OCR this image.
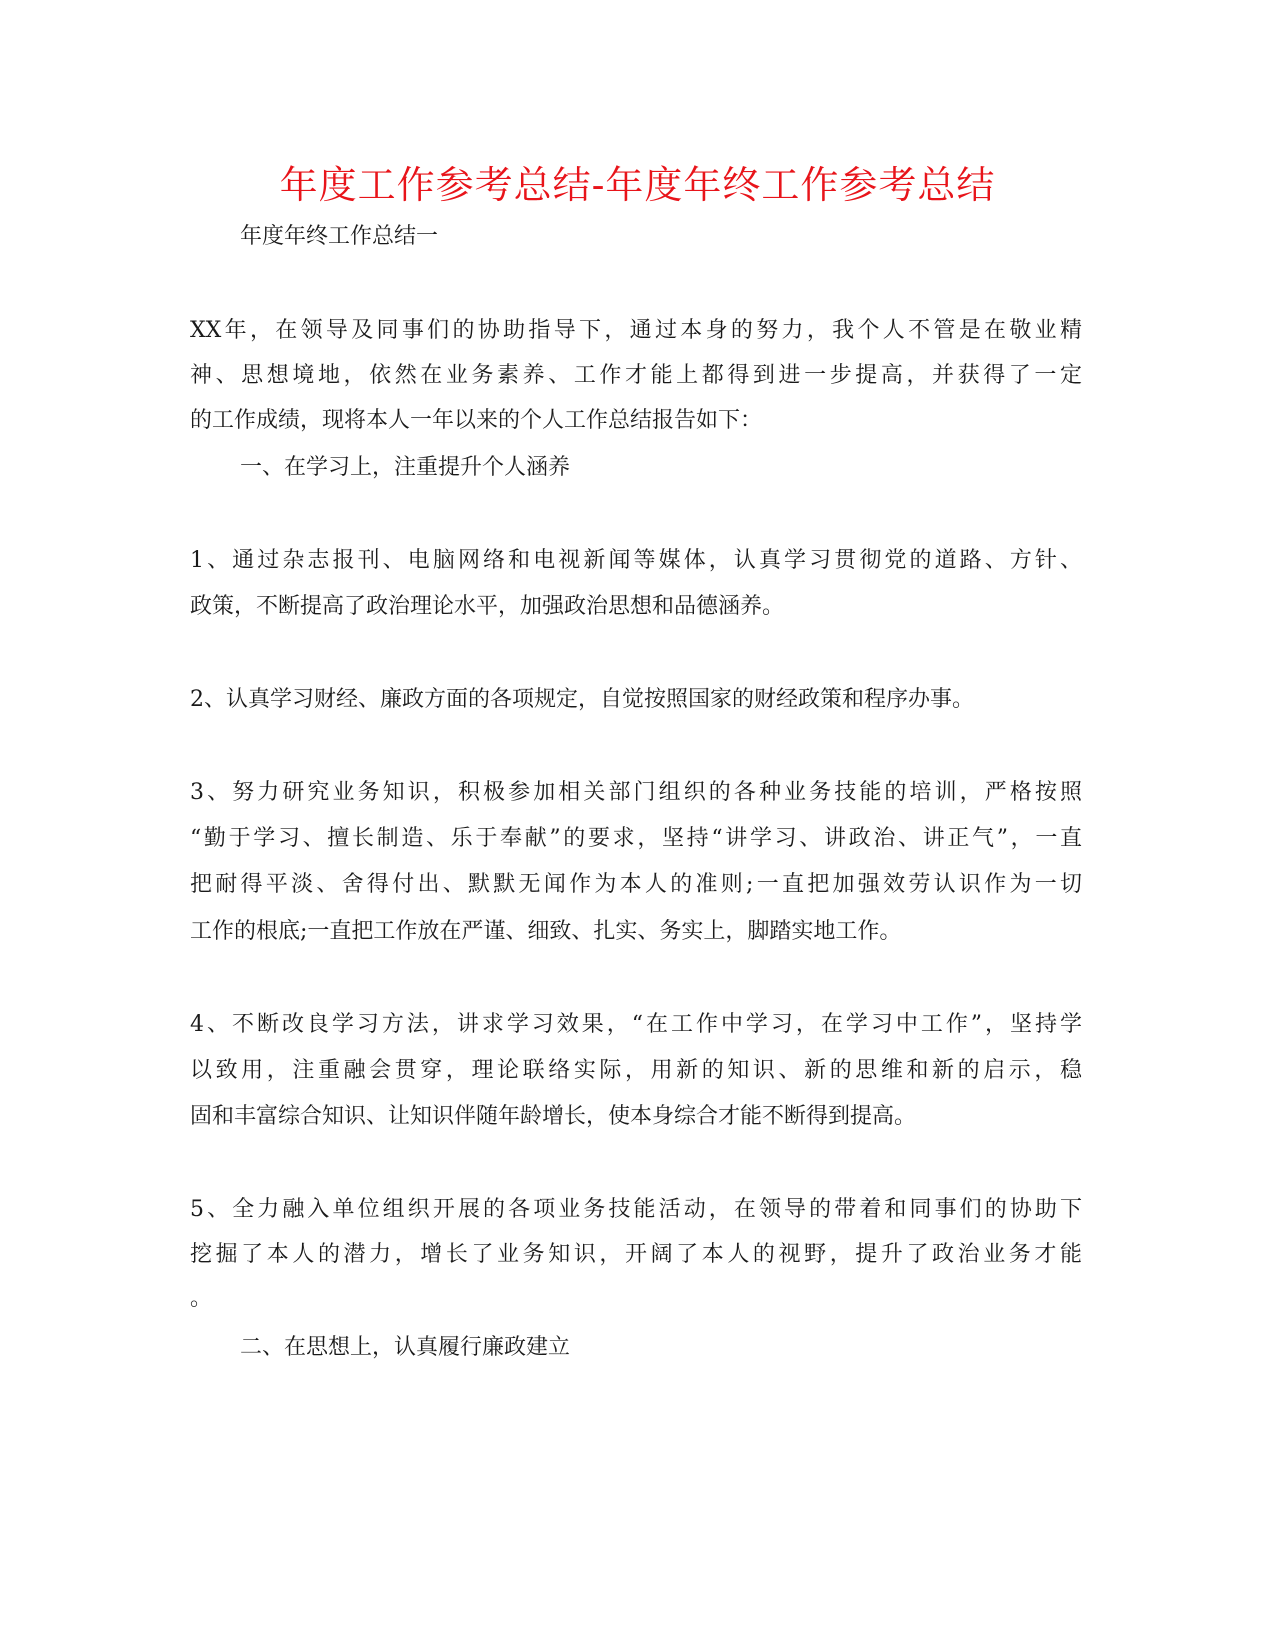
年度工作参考总结-年度年终工作参考总结
年度年终工作总结一
XX年，在领导及同事们的协助指导下，通过本身的努力，我个人不管是在敬业精
神、思想境地，依然在业务素养、工作才能上都得到进一步提高，并获得了一定
的工作成绩，现将本人一年以来的个人工作总结报告如下：
一、在学习上，注重提升个人涵养
1、通过杂志报刊、电脑网络和电视新闻等媒体，认真学习贯彻党的道路、方针、
政策，不断提高了政治理论水平，加强政治思想和品德涵养。
2、认真学习财经、廉政方面的各项规定，自觉按照国家的财经政策和程序办事。
3、努力研究业务知识，积极参加相关部门组织的各种业务技能的培训，严格按照
“勤于学习、擅长制造、乐于奉献”的要求，坚持“讲学习、讲政治、讲正气”，一直
把耐得平淡、舍得付出、默默无闻作为本人的准则;一直把加强效劳认识作为一切
工作的根底;一直把工作放在严谨、细致、扎实、务实上，脚踏实地工作。
4、不断改良学习方法，讲求学习效果，“在工作中学习，在学习中工作”，坚持学
以致用，注重融会贯穿，理论联络实际，用新的知识、新的思维和新的启示，稳
固和丰富综合知识、让知识伴随年龄增长，使本身综合才能不断得到提高。
5、全力融入单位组织开展的各项业务技能活动，在领导的带着和同事们的协助下
挖掘了本人的潜力，增长了业务知识，开阔了本人的视野，提升了政治业务才能
。
二、在思想上，认真履行廉政建立
